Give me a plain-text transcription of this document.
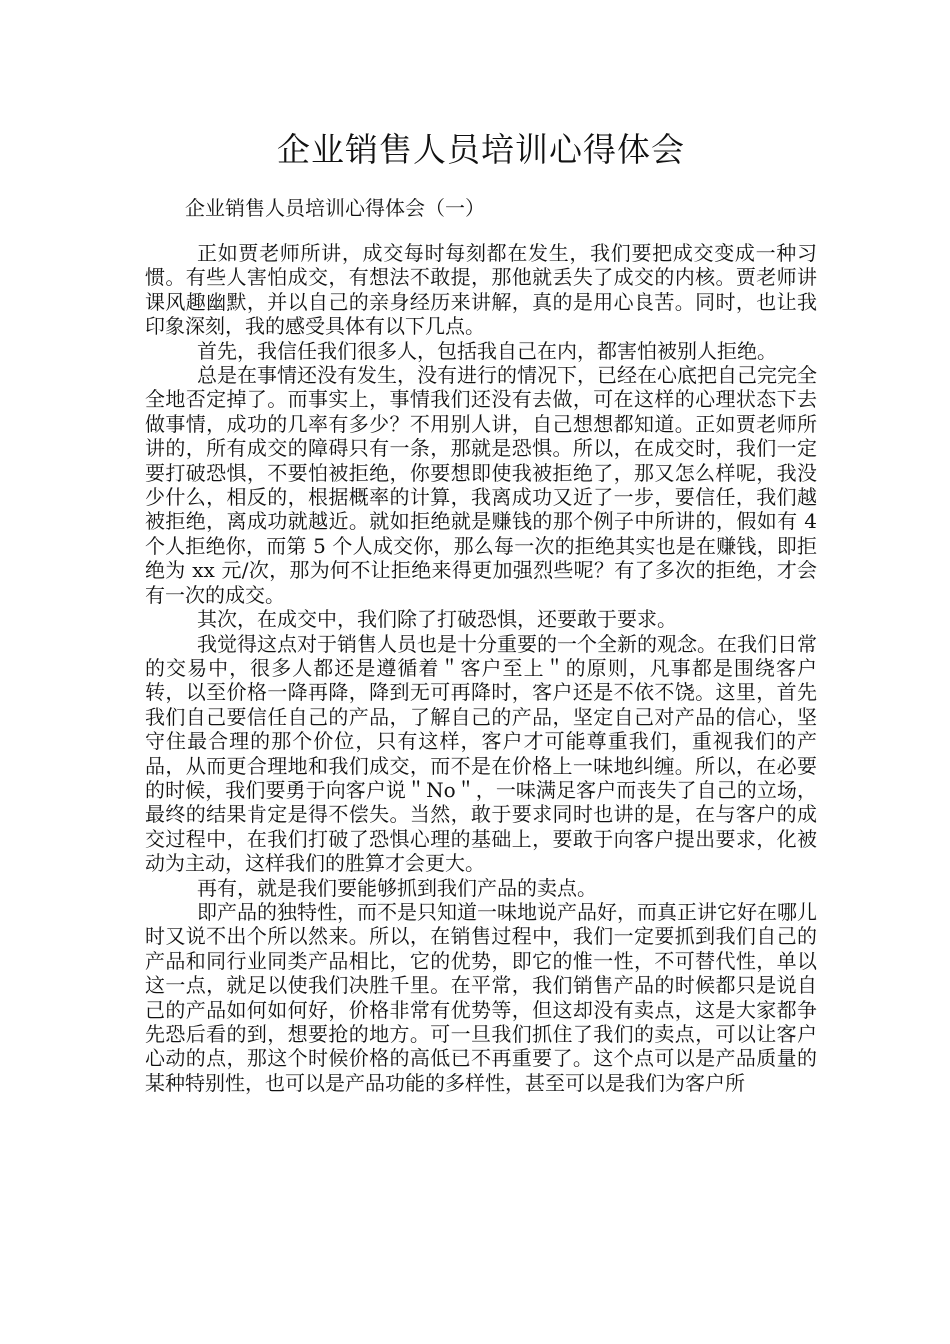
企业销售人员培训心得体会

企业销售人员培训心得体会（一）

正如贾老师所讲，成交每时每刻都在发生，我们要把成交变成一种习惯。有些人害怕成交，有想法不敢提，那他就丢失了成交的内核。贾老师讲课风趣幽默，并以自己的亲身经历来讲解，真的是用心良苦。同时，也让我印象深刻，我的感受具体有以下几点。

首先，我信任我们很多人，包括我自己在内，都害怕被别人拒绝。

总是在事情还没有发生，没有进行的情况下，已经在心底把自己完完全全地否定掉了。而事实上，事情我们还没有去做，可在这样的心理状态下去做事情，成功的几率有多少？不用别人讲，自己想想都知道。正如贾老师所讲的，所有成交的障碍只有一条，那就是恐惧。所以，在成交时，我们一定要打破恐惧，不要怕被拒绝，你要想即使我被拒绝了，那又怎么样呢，我没少什么，相反的，根据概率的计算，我离成功又近了一步，要信任，我们越被拒绝，离成功就越近。就如拒绝就是赚钱的那个例子中所讲的，假如有 4 个人拒绝你，而第 5 个人成交你，那么每一次的拒绝其实也是在赚钱，即拒绝为 xx 元/次，那为何不让拒绝来得更加强烈些呢？有了多次的拒绝，才会有一次的成交。

其次，在成交中，我们除了打破恐惧，还要敢于要求。

我觉得这点对于销售人员也是十分重要的一个全新的观念。在我们日常的交易中，很多人都还是遵循着＂客户至上＂的原则，凡事都是围绕客户转，以至价格一降再降，降到无可再降时，客户还是不依不饶。这里，首先我们自己要信任自己的产品，了解自己的产品，坚定自己对产品的信心，坚守住最合理的那个价位，只有这样，客户才可能尊重我们，重视我们的产品，从而更合理地和我们成交，而不是在价格上一味地纠缠。所以，在必要的时候，我们要勇于向客户说＂No＂，一味满足客户而丧失了自己的立场，最终的结果肯定是得不偿失。当然，敢于要求同时也讲的是，在与客户的成交过程中，在我们打破了恐惧心理的基础上，要敢于向客户提出要求，化被动为主动，这样我们的胜算才会更大。

再有，就是我们要能够抓到我们产品的卖点。

即产品的独特性，而不是只知道一味地说产品好，而真正讲它好在哪儿时又说不出个所以然来。所以，在销售过程中，我们一定要抓到我们自己的产品和同行业同类产品相比，它的优势，即它的惟一性，不可替代性，单以这一点，就足以使我们决胜千里。在平常，我们销售产品的时候都只是说自己的产品如何如何好，价格非常有优势等，但这却没有卖点，这是大家都争先恐后看的到，想要抢的地方。可一旦我们抓住了我们的卖点，可以让客户心动的点，那这个时候价格的高低已不再重要了。这个点可以是产品质量的某种特别性，也可以是产品功能的多样性，甚至可以是我们为客户所
